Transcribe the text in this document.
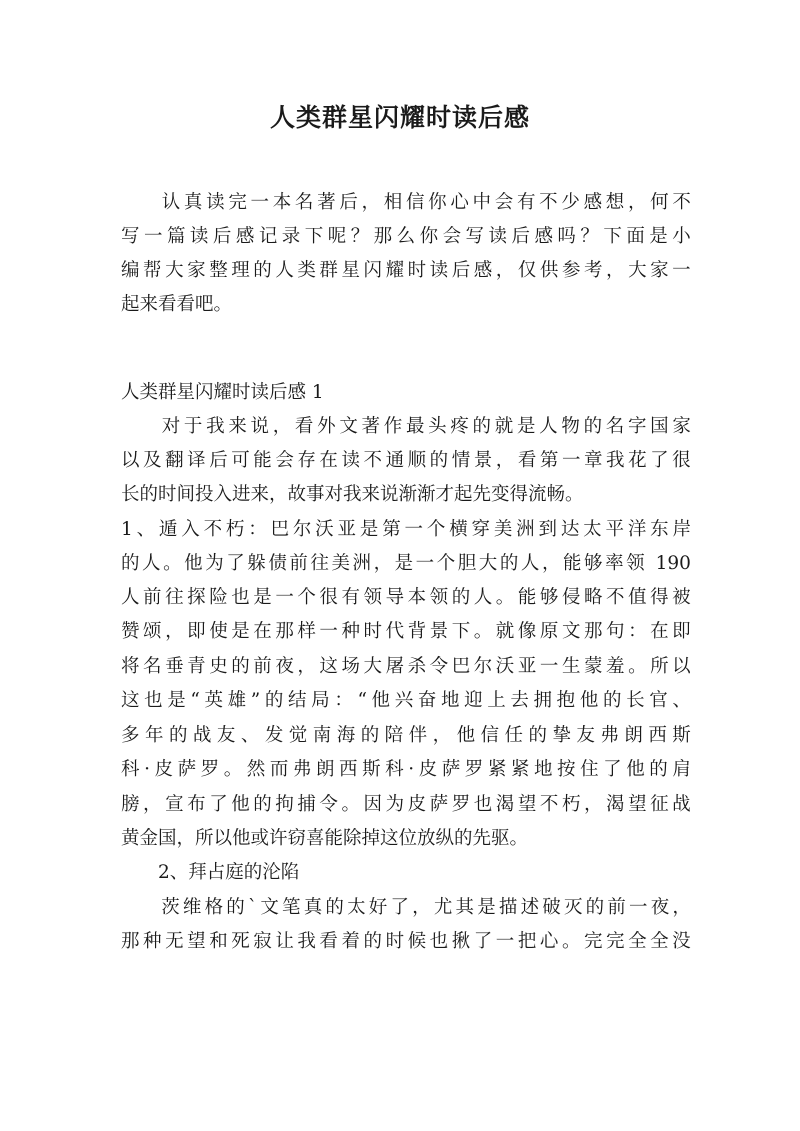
人类群星闪耀时读后感

认 真 读 完 一 本 名 著 后 ， 相 信 你 心 中 会 有 不 少 感 想 ， 何 不
写 一 篇 读 后 感 记 录 下 呢 ？ 那 么 你 会 写 读 后 感 吗 ？ 下 面 是 小
编 帮 大 家 整 理 的 人 类 群 星 闪 耀 时 读 后 感 ， 仅 供 参 考 ， 大 家 一
起来看看吧。
人类群星闪耀时读后感 1

对 于 我 来 说 ， 看 外 文 著 作 最 头 疼 的 就 是 人 物 的 名 字 国 家
以 及 翻 译 后 可 能 会 存 在 读 不 通 顺 的 情 景 ， 看 第 一 章 我 花 了 很
长的时间投入进来，故事对我来说渐渐才起先变得流畅。
1 、 遁 入 不 朽 ： 巴 尔 沃 亚 是 第 一 个 横 穿 美 洲 到 达 太 平 洋 东 岸
的 人 。 他 为 了 躲 债 前 往 美 洲 ， 是 一 个 胆 大 的 人 ， 能 够 率 领
190
人 前 往 探 险 也 是 一 个 很 有 领 导 本 领 的 人 。 能 够 侵 略 不 值 得 被
赞 颂 ， 即 使 是 在 那 样 一 种 时 代 背 景 下 。 就 像 原 文 那 句 ： 在 即
将 名 垂 青 史 的 前 夜 ， 这 场 大 屠 杀 令 巴 尔 沃 亚 一 生 蒙 羞 。 所 以
这 也 是 “ 英 雄 ” 的 结 局 ： “ 他 兴 奋 地 迎 上 去 拥 抱 他 的 长 官 、
多 年 的 战 友 、 发 觉 南 海 的 陪 伴 ， 他 信 任 的 挚 友 弗 朗 西 斯
科 · 皮 萨 罗 。 然 而 弗 朗 西 斯 科 · 皮 萨 罗 紧 紧 地 按 住 了 他 的 肩
膀 ， 宣 布 了 他 的 拘 捕 令 。 因 为 皮 萨 罗 也 渴 望 不 朽 ， 渴 望 征 战
黄金国，所以他或许窃喜能除掉这位放纵的先驱。
　　2、拜占庭的沦陷

茨 维 格 的 ` 文 笔 真 的 太 好 了 ， 尤 其 是 描 述 破 灭 的 前 一 夜 ，
那 种 无 望 和 死 寂 让 我 看 着 的 时 候 也 揪 了 一 把 心 。 完 完 全 全 没
